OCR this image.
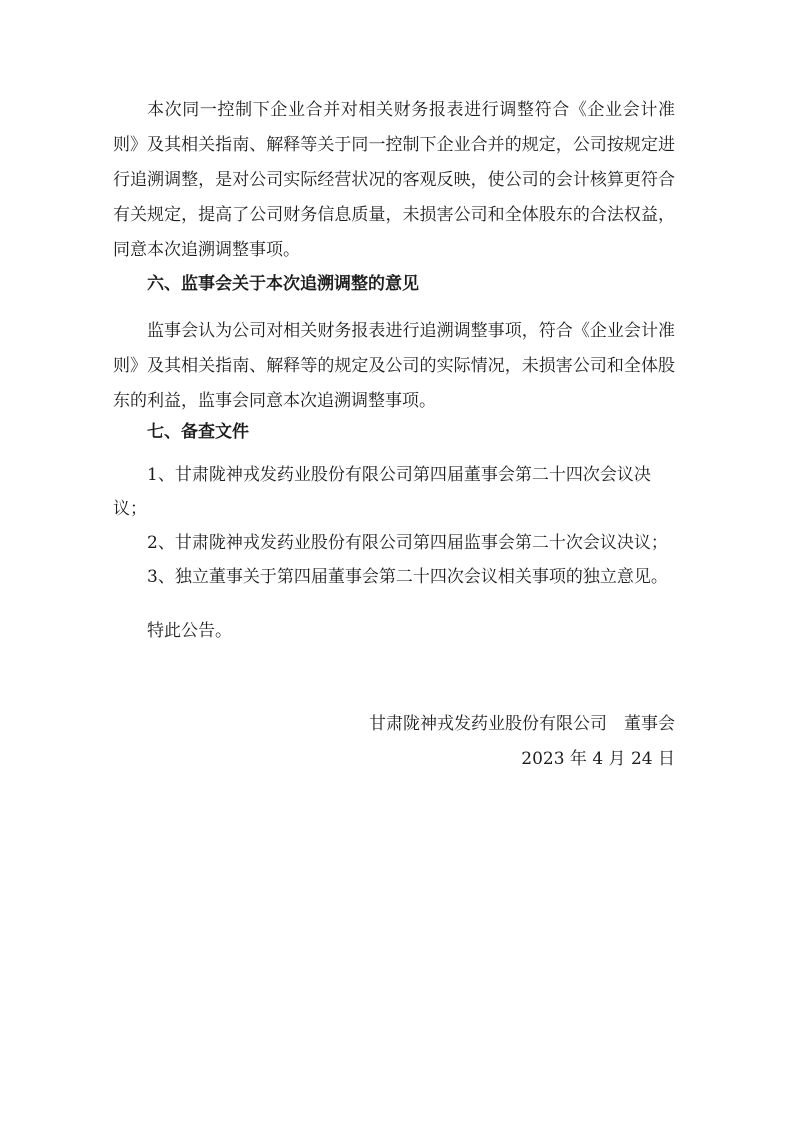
本次同一控制下企业合并对相关财务报表进行调整符合《企业会计准则》及其相关指南、解释等关于同一控制下企业合并的规定，公司按规定进行追溯调整，是对公司实际经营状况的客观反映，使公司的会计核算更符合有关规定，提高了公司财务信息质量，未损害公司和全体股东的合法权益，同意本次追溯调整事项。

六、监事会关于本次追溯调整的意见

监事会认为公司对相关财务报表进行追溯调整事项，符合《企业会计准则》及其相关指南、解释等的规定及公司的实际情况，未损害公司和全体股东的利益，监事会同意本次追溯调整事项。

七、备查文件
1、甘肃陇神戎发药业股份有限公司第四届董事会第二十四次会议决议；
2、甘肃陇神戎发药业股份有限公司第四届监事会第二十次会议决议；
3、独立董事关于第四届董事会第二十四次会议相关事项的独立意见。

特此公告。

甘肃陇神戎发药业股份有限公司　董事会
2023 年 4 月 24 日
